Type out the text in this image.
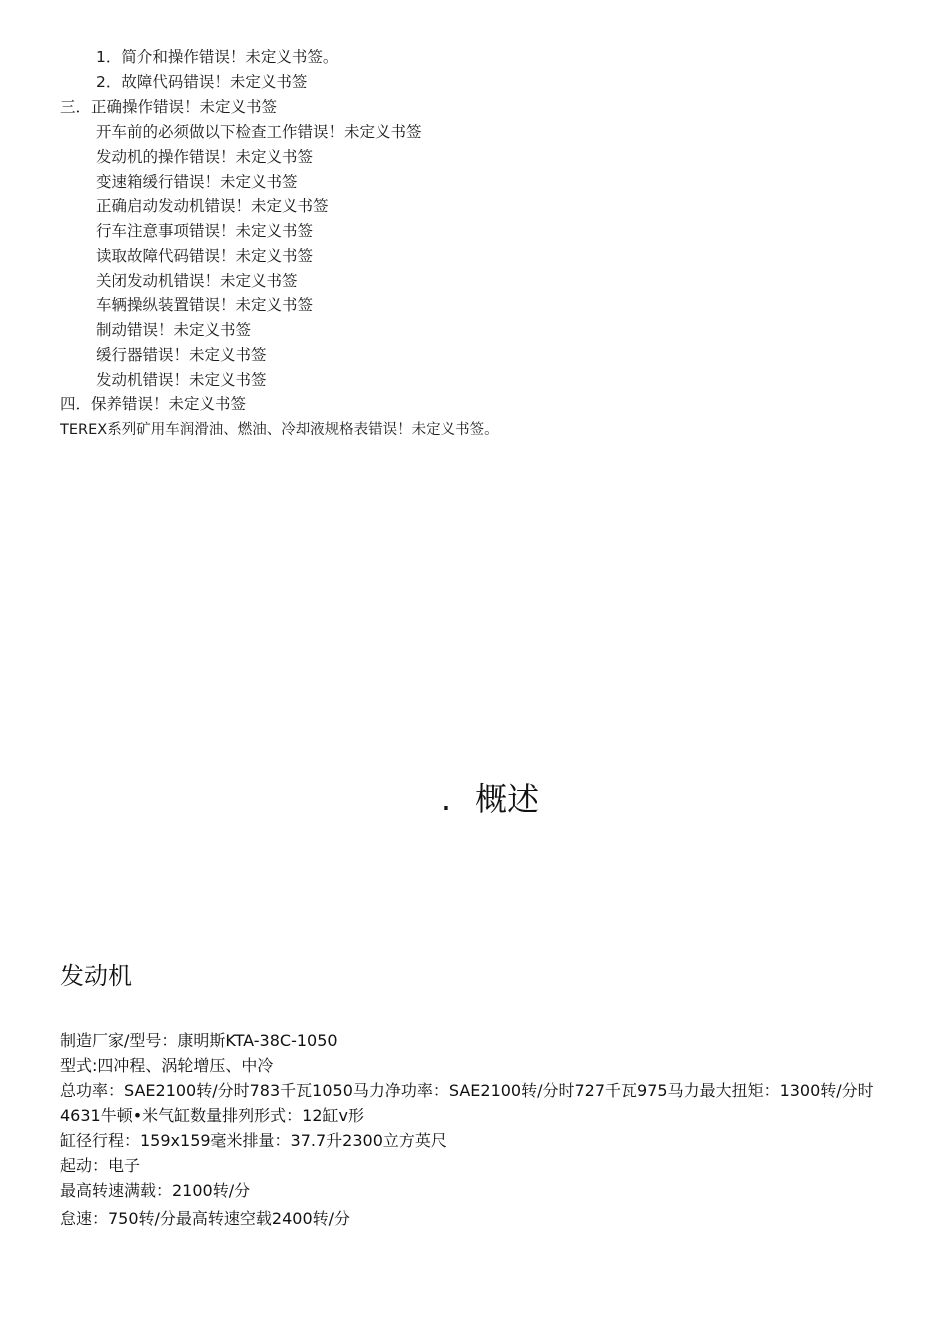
1．简介和操作错误！未定义书签。
2．故障代码错误！未定义书签
三．正确操作错误！未定义书签
开车前的必须做以下检查工作错误！未定义书签
发动机的操作错误！未定义书签
变速箱缓行错误！未定义书签
正确启动发动机错误！未定义书签
行车注意事项错误！未定义书签
读取故障代码错误！未定义书签
关闭发动机错误！未定义书签
车辆操纵装置错误！未定义书签
制动错误！未定义书签
缓行器错误！未定义书签
发动机错误！未定义书签
四．保养错误！未定义书签
TEREX系列矿用车润滑油、燃油、冷却液规格表错误！未定义书签。
. 概述
发动机
制造厂家/型号：康明斯KTA-38C-1050
型式:四冲程、涡轮增压、中冷
总功率：SAE2100转/分时783千瓦1050马力净功率：SAE2100转/分时727千瓦975马力最大扭矩：1300转/分时4631牛顿•米气缸数量排列形式：12缸v形
缸径行程：159x159毫米排量：37.7升2300立方英尺
起动：电子
最高转速满载：2100转/分
怠速：750转/分最高转速空载2400转/分
